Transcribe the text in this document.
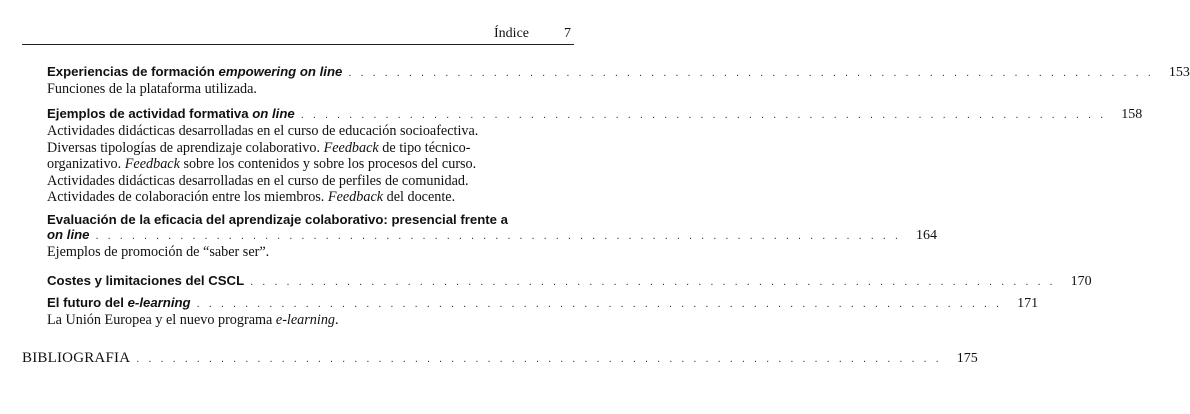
Índice	7
Experiencias de formación empowering on line . . . . . . . . . . . . . . . . . . . . . . . . . . . . . . . . . . . . . . . . . . . . . . . . . . . . . . . . . . . . . . . . . . .	153
Funciones de la plataforma utilizada.
Ejemplos de actividad formativa on line . . . . . . . . . . . . . . . . . . . . . . . . . . . . . . . . . . . . . . . . . . . . . . . . . . . . . . . . . . . . . . . . . . .	158
Actividades didácticas desarrolladas en el curso de educación socioafectiva.
Diversas tipologías de aprendizaje colaborativo. Feedback de tipo técnico-
organizativo. Feedback sobre los contenidos y sobre los procesos del curso.
Actividades didácticas desarrolladas en el curso de perfiles de comunidad.
Actividades de colaboración entre los miembros. Feedback del docente.
Evaluación de la eficacia del aprendizaje colaborativo: presencial frente a
on line . . . . . . . . . . . . . . . . . . . . . . . . . . . . . . . . . . . . . . . . . . . . . . . . . . . . . . . . . . . . . . . . . . .	164
Ejemplos de promoción de “saber ser”.
Costes y limitaciones del CSCL . . . . . . . . . . . . . . . . . . . . . . . . . . . . . . . . . . . . . . . . . . . . . . . . . . . . . . . . . . . . . . . . . . .	170
El futuro del e-learning . . . . . . . . . . . . . . . . . . . . . . . . . . . . . . . . . . . . . . . . . . . . . . . . . . . . . . . . . . . . . . . . . . .	171
La Unión Europea y el nuevo programa e-learning.
BIBLIOGRAFIA . . . . . . . . . . . . . . . . . . . . . . . . . . . . . . . . . . . . . . . . . . . . . . . . . . . . . . . . . . . . . . . . . . .	175
